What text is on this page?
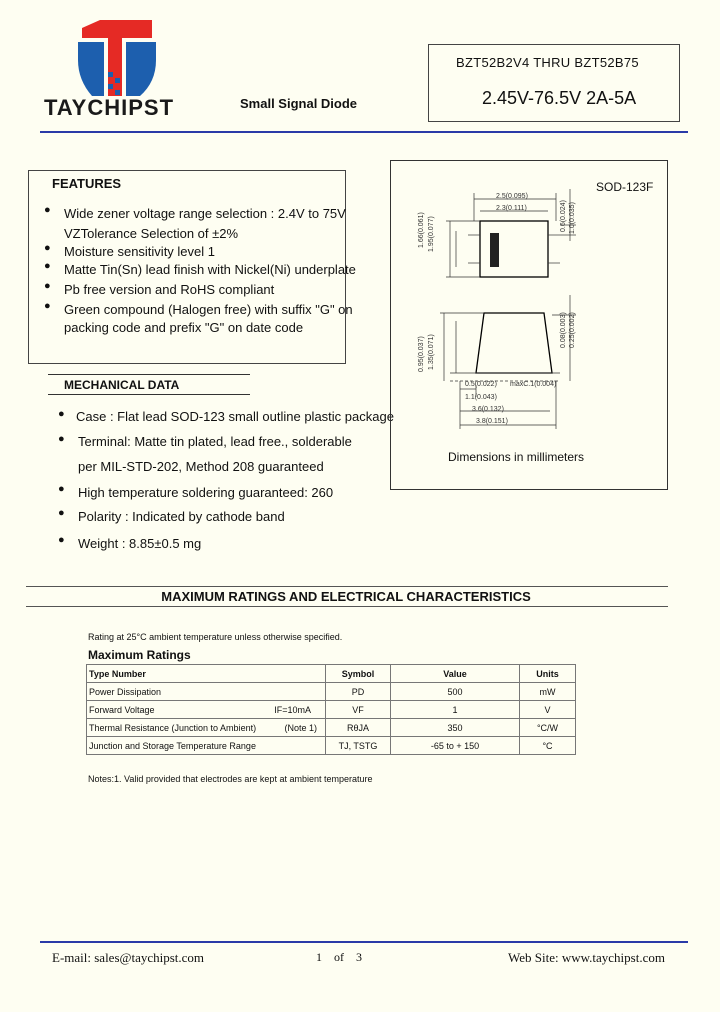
TAYCHIPST	Small Signal Diode
BZT52B2V4 THRU BZT52B75
2.45V-76.5V 2A-5A
FEATURES
● Wide zener voltage range selection : 2.4V to 75V
VZTolerance Selection of ±2%
● Moisture sensitivity level 1
● Matte Tin(Sn) lead finish with Nickel(Ni) underplate
● Pb free version and RoHS compliant
● Green compound (Halogen free) with suffix "G" on
packing code and prefix "G" on date code
MECHANICAL DATA
● Case : Flat lead SOD-123 small outline plastic package
● Terminal: Matte tin plated, lead free., solderable
per MIL-STD-202, Method 208 guaranteed
● High temperature soldering guaranteed: 260
● Polarity : Indicated by cathode band
● Weight : 8.85±0.5 mg
SOD-123F
2.5(0.095)
2.3(0.111)
1.66(0.061) 1.95(0.077)
0.6(0.024) 1.0(0.035)
0.95(0.037) 1.35(0.071)
0.08(0.003) 0.25(0.002)
0.5(0.022)
1.1(0.043)
maxC.1(0.004)
3.6(0.132)
3.8(0.151)
Dimensions in millimeters
MAXIMUM RATINGS AND ELECTRICAL CHARACTERISTICS
Rating at 25°C ambient temperature unless otherwise specified.
Maximum Ratings
Type Number	Symbol	Value	Units
Power Dissipation	PD	500	mW
Forward Voltage IF=10mA	VF	1	V
Thermal Resistance (Junction to Ambient) (Note 1)	RθJA	350	°C/W
Junction and Storage Temperature Range	TJ, TSTG	-65 to + 150	°C
Notes:1. Valid provided that electrodes are kept at ambient temperature
E-mail: sales@taychipst.com	1    of    3	Web Site: www.taychipst.com
